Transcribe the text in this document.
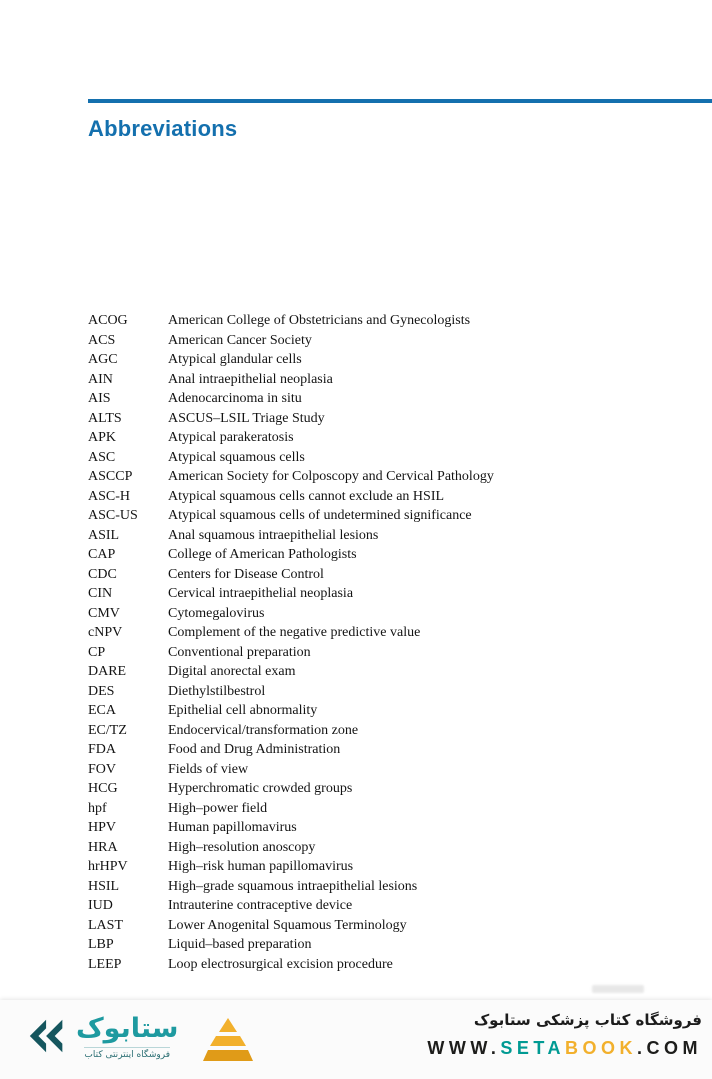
Abbreviations
ACOG	American College of Obstetricians and Gynecologists
ACS	American Cancer Society
AGC	Atypical glandular cells
AIN	Anal intraepithelial neoplasia
AIS	Adenocarcinoma in situ
ALTS	ASCUS–LSIL Triage Study
APK	Atypical parakeratosis
ASC	Atypical squamous cells
ASCCP	American Society for Colposcopy and Cervical Pathology
ASC-H	Atypical squamous cells cannot exclude an HSIL
ASC-US	Atypical squamous cells of undetermined significance
ASIL	Anal squamous intraepithelial lesions
CAP	College of American Pathologists
CDC	Centers for Disease Control
CIN	Cervical intraepithelial neoplasia
CMV	Cytomegalovirus
cNPV	Complement of the negative predictive value
CP	Conventional preparation
DARE	Digital anorectal exam
DES	Diethylstilbestrol
ECA	Epithelial cell abnormality
EC/TZ	Endocervical/transformation zone
FDA	Food and Drug Administration
FOV	Fields of view
HCG	Hyperchromatic crowded groups
hpf	High–power field
HPV	Human papillomavirus
HRA	High–resolution anoscopy
hrHPV	High–risk human papillomavirus
HSIL	High–grade squamous intraepithelial lesions
IUD	Intrauterine contraceptive device
LAST	Lower Anogenital Squamous Terminology
LBP	Liquid–based preparation
LEEP	Loop electrosurgical excision procedure
ستابوک
فروشگاه اینترنتی کتاب
فروشگاه کتاب پزشکی ستابوک
WWW.SETABOOK.COM
